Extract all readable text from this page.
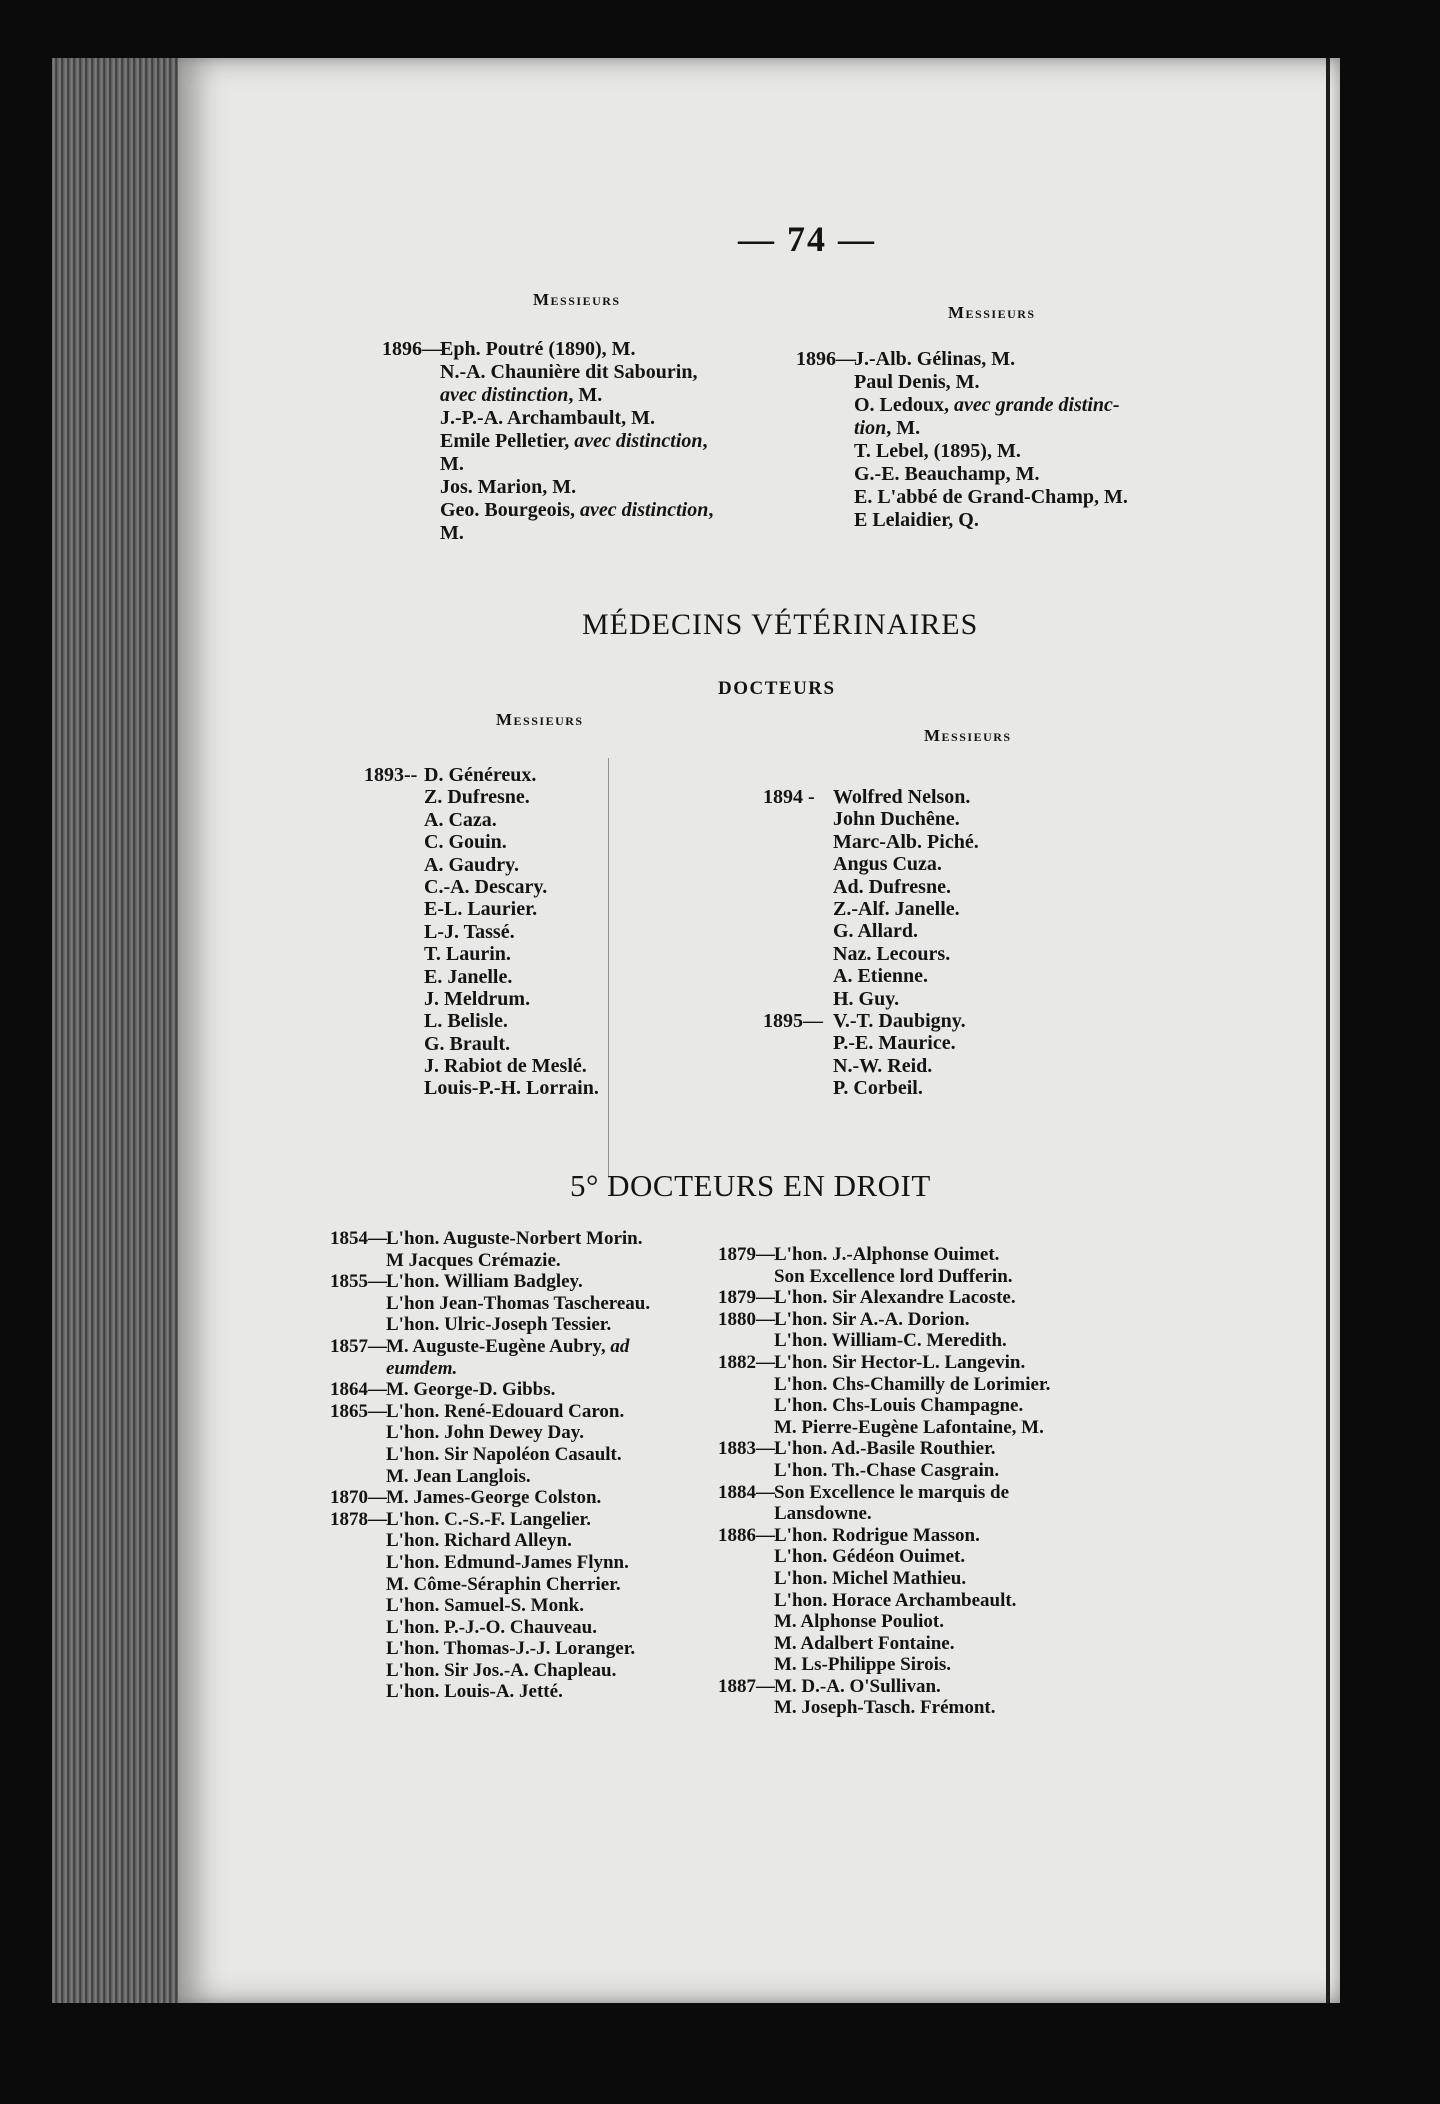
— 74 —
Messieurs
Messieurs
1896—Eph. Poutré (1890), M.
N.-A. Chaunière dit Sabourin,
avec distinction, M.
J.-P.-A. Archambault, M.
Emile Pelletier, avec distinction,
M.
Jos. Marion, M.
Geo. Bourgeois, avec distinction,
M.
1896—J.-Alb. Gélinas, M.
Paul Denis, M.
O. Ledoux, avec grande distinc-
tion, M.
T. Lebel, (1895), M.
G.-E. Beauchamp, M.
E. L'abbé de Grand-Champ, M.
E Lelaidier, Q.
MÉDECINS VÉTÉRINAIRES
DOCTEURS
Messieurs
Messieurs
1893-- D. Généreux.
Z. Dufresne.
A. Caza.
C. Gouin.
A. Gaudry.
C.-A. Descary.
E-L. Laurier.
L-J. Tassé.
T. Laurin.
E. Janelle.
J. Meldrum.
L. Belisle.
G. Brault.
J. Rabiot de Meslé.
Louis-P.-H. Lorrain.
1894 - Wolfred Nelson.
John Duchêne.
Marc-Alb. Piché.
Angus Cuza.
Ad. Dufresne.
Z.-Alf. Janelle.
G. Allard.
Naz. Lecours.
A. Etienne.
H. Guy.
1895— V.-T. Daubigny.
P.-E. Maurice.
N.-W. Reid.
P. Corbeil.
5° DOCTEURS EN DROIT
1854—L'hon. Auguste-Norbert Morin.
M Jacques Crémazie.
1855—L'hon. William Badgley.
L'hon Jean-Thomas Taschereau.
L'hon. Ulric-Joseph Tessier.
1857—M. Auguste-Eugène Aubry, ad
eumdem.
1864—M. George-D. Gibbs.
1865—L'hon. René-Edouard Caron.
L'hon. John Dewey Day.
L'hon. Sir Napoléon Casault.
M. Jean Langlois.
1870—M. James-George Colston.
1878—L'hon. C.-S.-F. Langelier.
L'hon. Richard Alleyn.
L'hon. Edmund-James Flynn.
M. Côme-Séraphin Cherrier.
L'hon. Samuel-S. Monk.
L'hon. P.-J.-O. Chauveau.
L'hon. Thomas-J.-J. Loranger.
L'hon. Sir Jos.-A. Chapleau.
L'hon. Louis-A. Jetté.
1879—L'hon. J.-Alphonse Ouimet.
Son Excellence lord Dufferin.
1879—L'hon. Sir Alexandre Lacoste.
1880—L'hon. Sir A.-A. Dorion.
L'hon. William-C. Meredith.
1882—L'hon. Sir Hector-L. Langevin.
L'hon. Chs-Chamilly de Lorimier.
L'hon. Chs-Louis Champagne.
M. Pierre-Eugène Lafontaine, M.
1883—L'hon. Ad.-Basile Routhier.
L'hon. Th.-Chase Casgrain.
1884—Son Excellence le marquis de
Lansdowne.
1886—L'hon. Rodrigue Masson.
L'hon. Gédéon Ouimet.
L'hon. Michel Mathieu.
L'hon. Horace Archambeault.
M. Alphonse Pouliot.
M. Adalbert Fontaine.
M. Ls-Philippe Sirois.
1887—M. D.-A. O'Sullivan.
M. Joseph-Tasch. Frémont.
